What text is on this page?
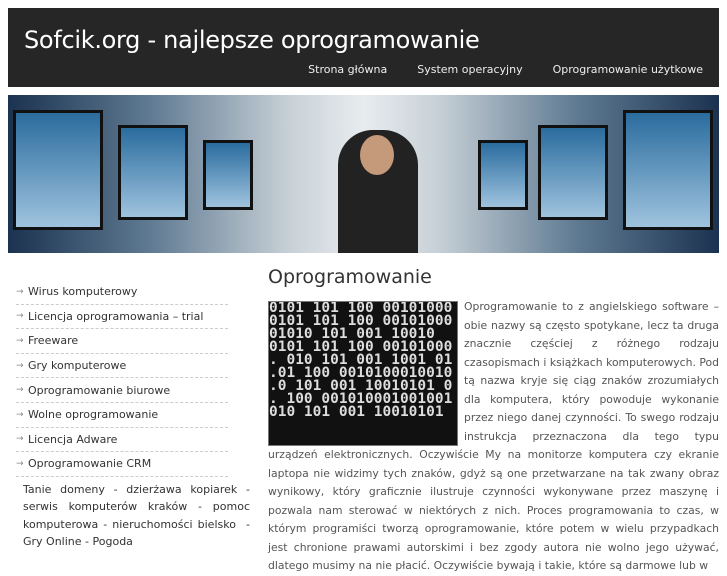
Sofcik.org - najlepsze oprogramowanie
Strona główna	System operacyjny	Oprogramowanie użytkowe
→ Wirus komputerowy
→ Licencja oprogramowania – trial
→ Freeware
→ Gry komputerowe
→ Oprogramowanie biurowe
→ Wolne oprogramowanie
→ Licencja Adware
→ Oprogramowanie CRM
Tanie domeny - dzierżawa kopiarek - serwis komputerów kraków - pomoc komputerowa - nieruchomości bielsko  - Gry Online - Pogoda
Oprogramowanie
0101 101 100 00101000
0101 101 100 00101000
01010 101 001 10010
0101 101 100 00101000
. 010 101 001 1001 01
.01 100 0010100010010
.0 101 001 10010101 0
. 100 001010001001001
010 101 001 10010101
Oprogramowanie to z angielskiego software – obie nazwy są często spotykane, lecz ta druga znacznie częściej z różnego rodzaju czasopismach i książkach komputerowych. Pod tą nazwa kryje się ciąg znaków zrozumiałych dla komputera, który powoduje wykonanie przez niego danej czynności. To swego rodzaju instrukcja przeznaczona dla tego typu urządzeń elektronicznych. Oczywiście My na monitorze komputera czy ekranie laptopa nie widzimy tych znaków, gdyż są one przetwarzane na tak zwany obraz wynikowy, który graficznie ilustruje czynności wykonywane przez maszynę i pozwala nam sterować w niektórych z nich. Proces programowania to czas, w którym programiści tworzą oprogramowanie, które potem w wielu przypadkach jest chronione prawami autorskimi i bez zgody autora nie wolno jego używać, dlatego musimy na nie płacić. Oczywiście bywają i takie, które są darmowe lub w
